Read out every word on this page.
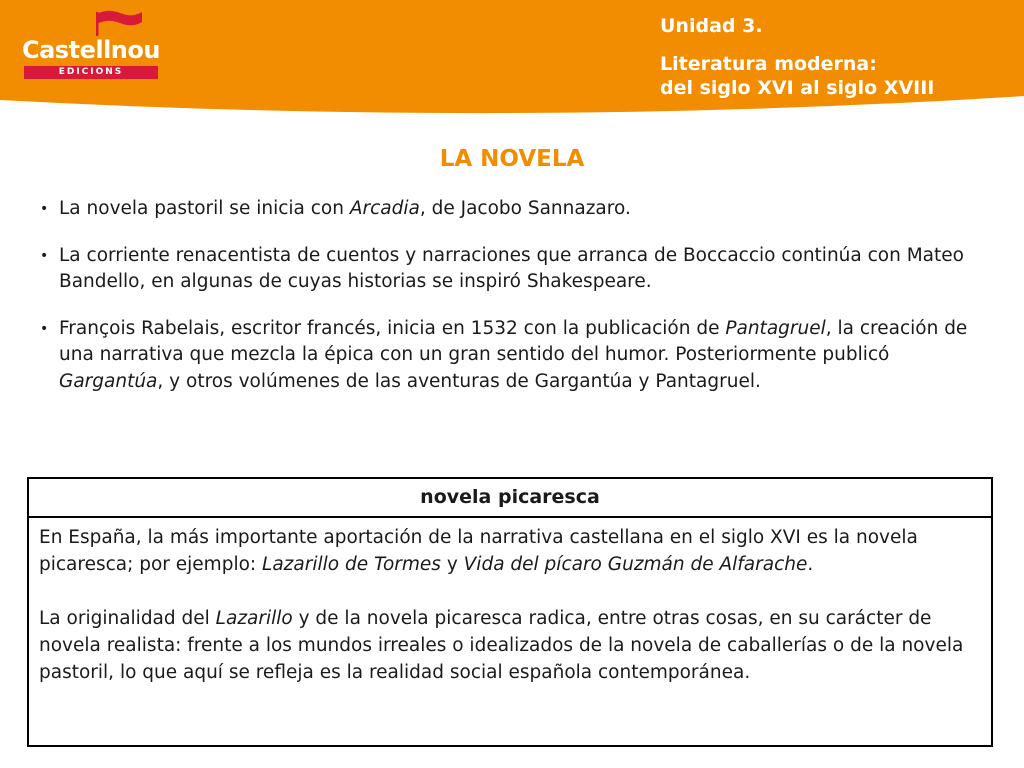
Castellnou
EDICIONS
Unidad 3.
Literatura moderna:
del siglo XVI al siglo XVIII
LA NOVELA
• La novela pastoril se inicia con Arcadia, de Jacobo Sannazaro.
• La corriente renacentista de cuentos y narraciones que arranca de Boccaccio continúa con Mateo Bandello, en algunas de cuyas historias se inspiró Shakespeare.
• François Rabelais, escritor francés, inicia en 1532 con la publicación de Pantagruel, la creación de una narrativa que mezcla la épica con un gran sentido del humor. Posteriormente publicó Gargantúa, y otros volúmenes de las aventuras de Gargantúa y Pantagruel.
novela picaresca

En España, la más importante aportación de la narrativa castellana en el siglo XVI es la novela picaresca; por ejemplo: Lazarillo de Tormes y Vida del pícaro Guzmán de Alfarache.

La originalidad del Lazarillo y de la novela picaresca radica, entre otras cosas, en su carácter de novela realista: frente a los mundos irreales o idealizados de la novela de caballerías o de la novela pastoril, lo que aquí se refleja es la realidad social española contemporánea.
